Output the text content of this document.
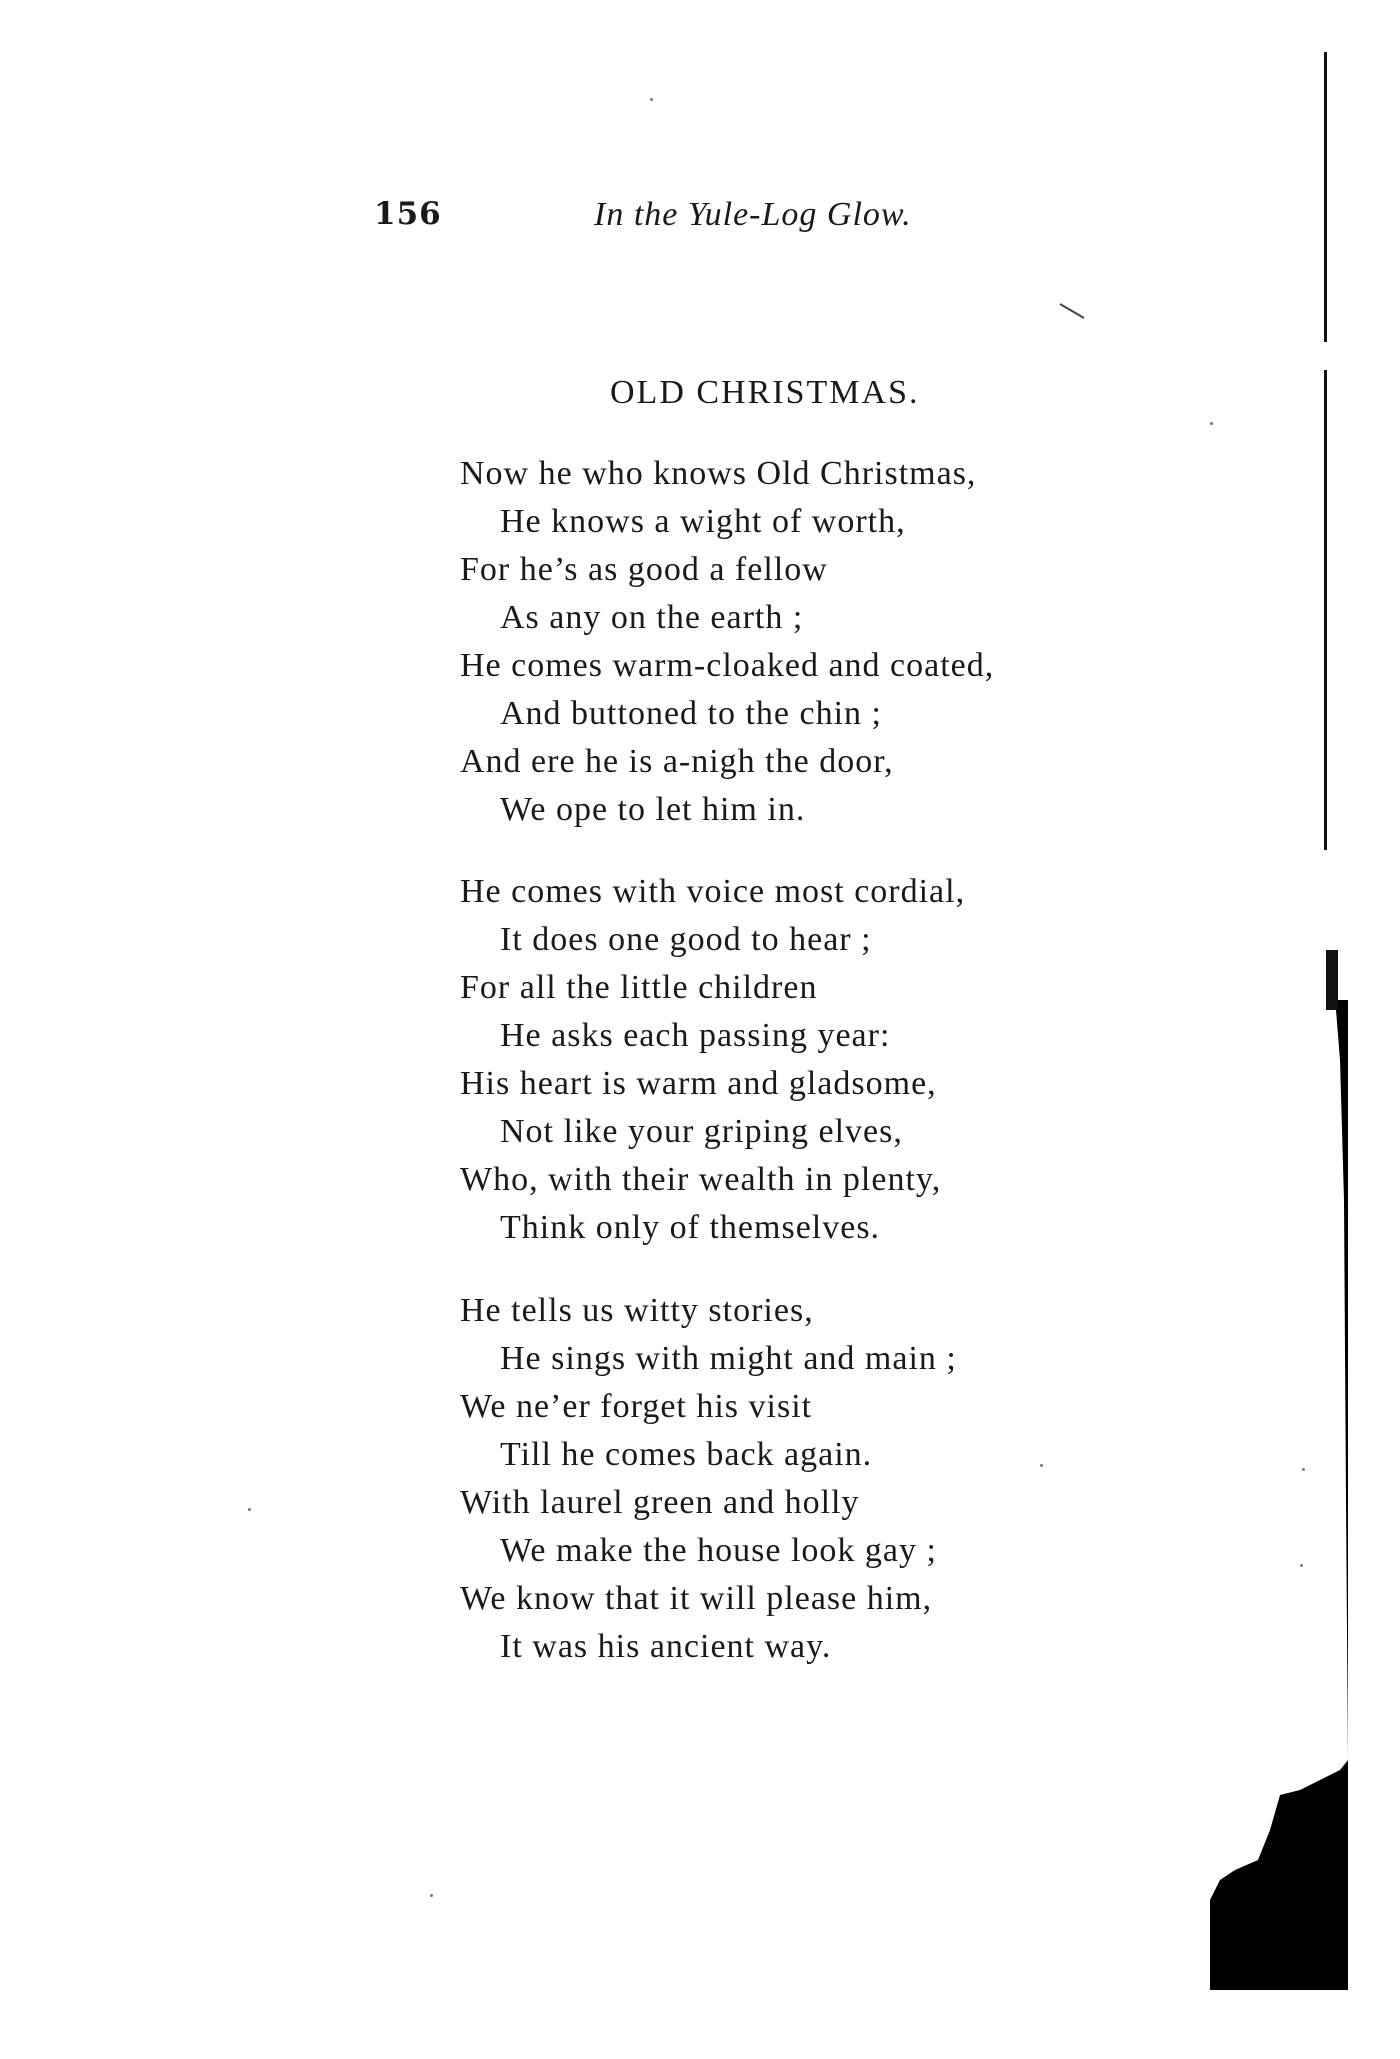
156	In the Yule-Log Glow.
OLD CHRISTMAS.
Now he who knows Old Christmas,
He knows a wight of worth,
For he’s as good a fellow
As any on the earth ;
He comes warm-cloaked and coated,
And buttoned to the chin ;
And ere he is a-nigh the door,
We ope to let him in.
He comes with voice most cordial,
It does one good to hear ;
For all the little children
He asks each passing year:
His heart is warm and gladsome,
Not like your griping elves,
Who, with their wealth in plenty,
Think only of themselves.
He tells us witty stories,
He sings with might and main ;
We ne’er forget his visit
Till he comes back again.
With laurel green and holly
We make the house look gay ;
We know that it will please him,
It was his ancient way.
